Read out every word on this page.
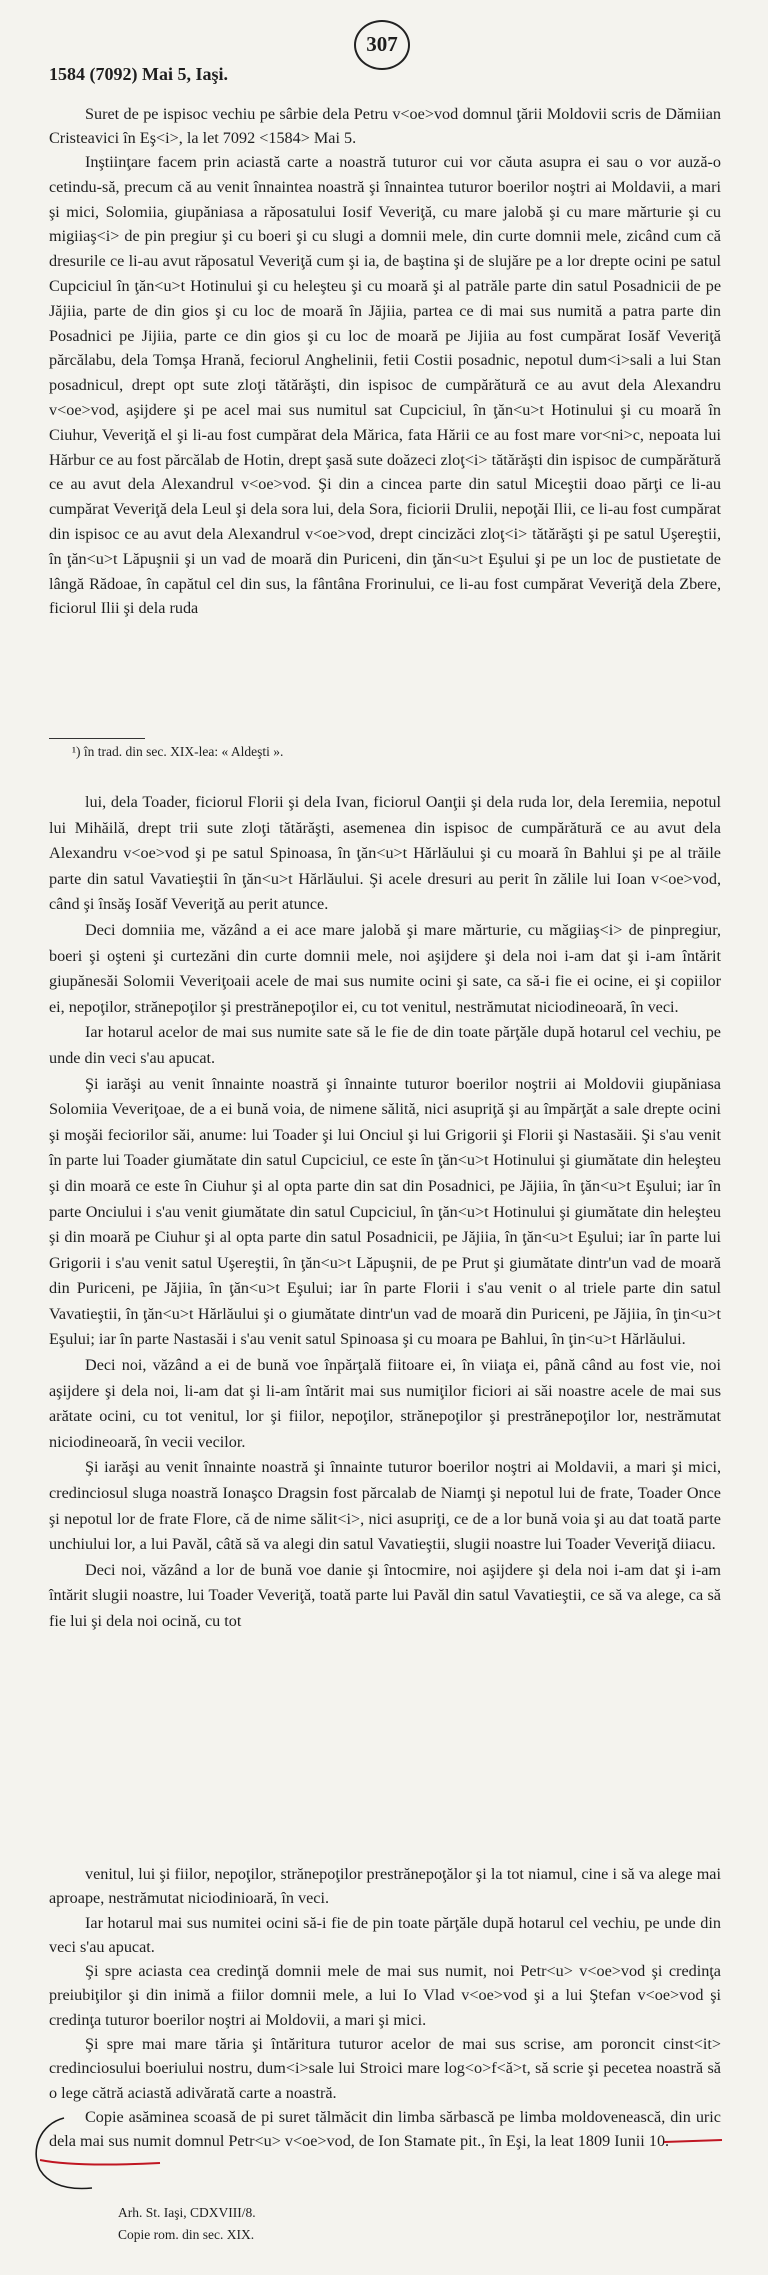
307
1584 (7092) Mai 5, Iaşi.

Suret de pe ispisoc vechiu pe sârbie dela Petru v<oe>vod domnul ţării Moldovii scris de Dămiian Cristeavici în Eş<i>, la let 7092 <1584> Mai 5.

Inştiinţare facem prin aciastă carte a noastră tuturor cui vor căuta asupra ei sau o vor auză-o cetindu-să, precum că au venit înnaintea noastră şi înnaintea tuturor boerilor noştri ai Moldavii, a mari şi mici, Solomiia, giupăniasa a răposatului Iosif Veveriţă, cu mare jalobă şi cu mare mărturie şi cu migiiaş<i> de pin pregiur şi cu boeri şi cu slugi a domnii mele, din curte domnii mele, zicând cum că dresurile ce li-au avut răposatul Veveriţă cum şi ia, de baştina şi de slujăre pe a lor drepte ocini pe satul Cupciciul în ţăn<u>t Hotinului şi cu heleşteu şi cu moară şi al patrăle parte din satul Posadnicii de pe Jăjiia, parte de din gios şi cu loc de moară în Jăjiia, partea ce di mai sus numită a patra parte din Posadnici pe Jijiia, parte ce din gios şi cu loc de moară pe Jijiia au fost cumpărat Iosăf Veveriţă părcălabu, dela Tomşa Hrană, feciorul Anghelinii, fetii Costii posadnic, nepotul dum<i>sali a lui Stan posadnicul, drept opt sute zloţi tătărăşti, din ispisoc de cumpărătură ce au avut dela Alexandru v<oe>vod, aşijdere şi pe acel mai sus numitul sat Cupciciul, în ţăn<u>t Hotinului şi cu moară în Ciuhur, Veveriţă el şi li-au fost cumpărat dela Mărica, fata Hării ce au fost mare vor<ni>c, nepoata lui Hărbur ce au fost părcălab de Hotin, drept şasă sute doăzeci zloţ<i> tătărăşti din ispisoc de cumpărătură ce au avut dela Alexandrul v<oe>vod. Şi din a cincea parte din satul Miceştii doao părţi ce li-au cumpărat Veveriţă dela Leul şi dela sora lui, dela Sora, ficiorii Drulii, nepoţăi Ilii, ce li-au fost cumpărat din ispisoc ce au avut dela Alexandrul v<oe>vod, drept cincizăci zloţ<i> tătărăşti şi pe satul Uşereştii, în ţăn<u>t Lăpuşnii şi un vad de moară din Puriceni, din ţăn<u>t Eşului şi pe un loc de pustietate de lângă Rădoae, în capătul cel din sus, la fântâna Frorinului, ce li-au fost cumpărat Veveriţă dela Zbere, ficiorul Ilii şi dela ruda

¹) în trad. din sec. XIX-lea: « Aldeşti ».

lui, dela Toader, ficiorul Florii şi dela Ivan, ficiorul Oanţii şi dela ruda lor, dela Ieremiia, nepotul lui Mihăilă, drept trii sute zloţi tătărăşti, asemenea din ispisoc de cumpărătură ce au avut dela Alexandru v<oe>vod şi pe satul Spinoasa, în ţăn<u>t Hărlăului şi cu moară în Bahlui şi pe al trăile parte din satul Vavatieştii în ţăn<u>t Hărlăului. Şi acele dresuri au perit în zălile lui Ioan v<oe>vod, când şi însăş Iosăf Veveriţă au perit atunce.

Deci domniia me, văzând a ei ace mare jalobă şi mare mărturie, cu măgiiaş<i> de pinpregiur, boeri şi oşteni şi curtezăni din curte domnii mele, noi aşijdere şi dela noi i-am dat şi i-am întărit giupănesăi Solomii Veveriţoaii acele de mai sus numite ocini şi sate, ca să-i fie ei ocine, ei şi copiilor ei, nepoţilor, strănepoţilor şi prestrănepoţilor ei, cu tot venitul, nestrămutat niciodineoară, în veci.

Iar hotarul acelor de mai sus numite sate să le fie de din toate părţăle după hotarul cel vechiu, pe unde din veci s'au apucat.

Şi iarăşi au venit înnainte noastră şi înnainte tuturor boerilor noştrii ai Moldovii giupăniasa Solomiia Veveriţoae, de a ei bună voia, de nimene sălită, nici asupriţă şi au împărţăt a sale drepte ocini şi moşăi feciorilor săi, anume: lui Toader şi lui Onciul şi lui Grigorii şi Florii şi Nastasăii. Şi s'au venit în parte lui Toader giumătate din satul Cupciciul, ce este în ţăn<u>t Hotinului şi giumătate din heleşteu şi din moară ce este în Ciuhur şi al opta parte din sat din Posadnici, pe Jăjiia, în ţăn<u>t Eşului; iar în parte Onciului i s'au venit giumătate din satul Cupciciul, în ţăn<u>t Hotinului şi giumătate din heleşteu şi din moară pe Ciuhur şi al opta parte din satul Posadnicii, pe Jăjiia, în ţăn<u>t Eşului; iar în parte lui Grigorii i s'au venit satul Uşereştii, în ţăn<u>t Lăpuşnii, de pe Prut şi giumătate dintr'un vad de moară din Puriceni, pe Jăjiia, în ţăn<u>t Eşului; iar în parte Florii i s'au venit o al triele parte din satul Vavatieştii, în ţăn<u>t Hărlăului şi o giumătate dintr'un vad de moară din Puriceni, pe Jăjiia, în ţin<u>t Eşului; iar în parte Nastasăi i s'au venit satul Spinoasa şi cu moara pe Bahlui, în ţin<u>t Hărlăului.

Deci noi, văzând a ei de bună voe înpărţală fiitoare ei, în viiaţa ei, până când au fost vie, noi aşijdere şi dela noi, li-am dat şi li-am întărit mai sus numiţilor ficiori ai săi noastre acele de mai sus arătate ocini, cu tot venitul, lor şi fiilor, nepoţilor, strănepoţilor şi prestrănepoţilor lor, nestrămutat niciodineoară, în vecii vecilor.

Şi iarăşi au venit înnainte noastră şi înnainte tuturor boerilor noştri ai Moldavii, a mari şi mici, credinciosul sluga noastră Ionaşco Dragsin fost părcalab de Niamţi şi nepotul lui de frate, Toader Once şi nepotul lor de frate Flore, că de nime sălit<i>, nici asupriţi, ce de a lor bună voia şi au dat toată parte unchiului lor, a lui Pavăl, câtă să va alegi din satul Vavatieştii, slugii noastre lui Toader Veveriţă diiacu.

Deci noi, văzând a lor de bună voe danie şi întocmire, noi aşijdere şi dela noi i-am dat şi i-am întărit slugii noastre, lui Toader Veveriţă, toată parte lui Pavăl din satul Vavatieştii, ce să va alege, ca să fie lui şi dela noi ocină, cu tot

venitul, lui şi fiilor, nepoţilor, strănepoţilor prestrănepoţălor şi la tot niamul, cine i să va alege mai aproape, nestrămutat niciodinioară, în veci.

Iar hotarul mai sus numitei ocini să-i fie de pin toate părţăle după hotarul cel vechiu, pe unde din veci s'au apucat.

Şi spre aciasta cea credinţă domnii mele de mai sus numit, noi Petr<u> v<oe>vod şi credinţa preiubiţilor şi din inimă a fiilor domnii mele, a lui Io Vlad v<oe>vod şi a lui Ştefan v<oe>vod şi credinţa tuturor boerilor noştri ai Moldovii, a mari şi mici.

Şi spre mai mare tăria şi întăritura tuturor acelor de mai sus scrise, am poroncit cinst<it> credinciosului boeriului nostru, dum<i>sale lui Stroici mare log<o>f<ă>t, să scrie şi pecetea noastră să o lege cătră aciastă adivărată carte a noastră.

Copie asăminea scoasă de pi suret tălmăcit din limba sărbască pe limba moldovenească, din uric dela mai sus numit domnul Petr<u> v<oe>vod, de Ion Stamate pit., în Eşi, la leat 1809 Iunii 10.

Arh. St. Iaşi, CDXVIII/8.
Copie rom. din sec. XIX.
